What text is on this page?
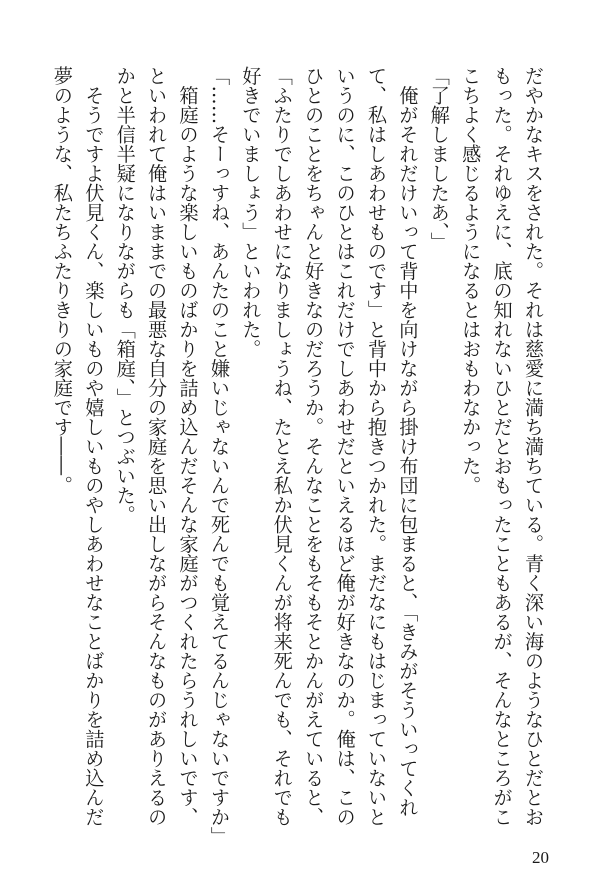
だやかなキスをされた。それは慈愛に満ち満ちている。青く深い海のようなひとだとお
もった。それゆえに、底の知れないひとだとおもったこともあるが、そんなところがこ
こちよく感じるようになるとはおもわなかった。
「了解しましたあ、」
　俺がそれだけいって背中を向けながら掛け布団に包まると、「きみがそういってくれ
て、私はしあわせものです」と背中から抱きつかれた。まだなにもはじまっていないと
いうのに、このひとはこれだけでしあわせだといえるほど俺が好きなのか。俺は、この
ひとのことをちゃんと好きなのだろうか。そんなことをもそもそとかんがえていると、
「ふたりでしあわせになりましょうね、たとえ私か伏見くんが将来死んでも、それでも
好きでいましょう」といわれた。
「……そーっすね、あんたのこと嫌いじゃないんで死んでも覚えてるんじゃないですか」
　箱庭のような楽しいものばかりを詰め込んだそんな家庭がつくれたらうれしいです、
といわれて俺はいままでの最悪な自分の家庭を思い出しながらそんなものがありえるの
かと半信半疑になりながらも「箱庭、」とつぶいた。
　そうですよ伏見くん、楽しいものや嬉しいものやしあわせなことばかりを詰め込んだ
夢のような、私たちふたりきりの家庭です――。
20
